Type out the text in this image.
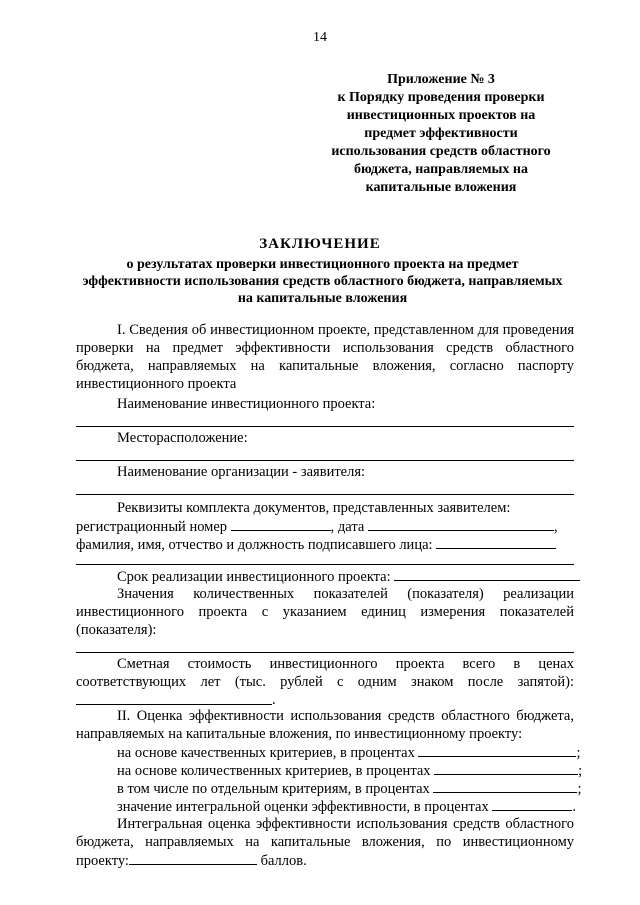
14
Приложение № 3
к Порядку проведения проверки
инвестиционных проектов на
предмет эффективности
использования средств областного
бюджета, направляемых на
капитальные вложения
ЗАКЛЮЧЕНИЕ
о результатах проверки инвестиционного проекта на предмет
эффективности использования средств областного бюджета, направляемых
на капитальные вложения
I. Сведения об инвестиционном проекте, представленном для проведения
проверки на предмет эффективности использования средств областного
бюджета, направляемых на капитальные вложения, согласно паспорту
инвестиционного проекта
Наименование инвестиционного проекта:
Месторасположение:
Наименование организации - заявителя:
Реквизиты комплекта документов, представленных заявителем:
регистрационный номер	, дата	,
фамилия, имя, отчество и должность подписавшего лица:
Срок реализации инвестиционного проекта:
Значения количественных показателей (показателя) реализации
инвестиционного проекта с указанием единиц измерения показателей
(показателя):
Сметная стоимость инвестиционного проекта всего в ценах
соответствующих лет (тыс. рублей с одним знаком после запятой):
.
II. Оценка эффективности использования средств областного бюджета,
направляемых на капитальные вложения, по инвестиционному проекту:
на основе качественных критериев, в процентах	;
на основе количественных критериев, в процентах	;
в том числе по отдельным критериям, в процентах	;
значение интегральной оценки эффективности, в процентах	.
Интегральная оценка эффективности использования средств областного
бюджета, направляемых на капитальные вложения, по инвестиционному
проекту:	баллов.
